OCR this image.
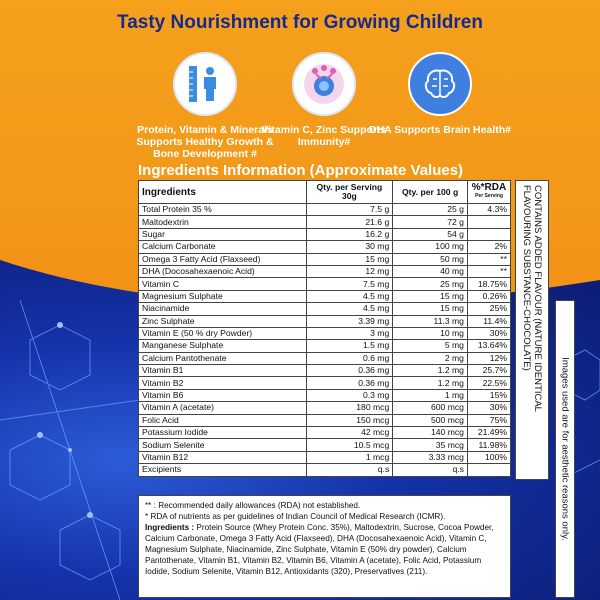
Tasty Nourishment for Growing Children
Protein, Vitamin & Minerals Supports Healthy Growth & Bone Development #
Vitamin C, Zinc Supports Immunity#
DHA Supports Brain Health#
Ingredients Information (Approximate Values)
Ingredients	Qty. per Serving 30g	Qty. per 100 g	%*RDA
Per Serving

Total Protein 35 %	7.5 g	25 g	4.3%
Maltodextrin	21.6 g	72 g	
Sugar	16.2 g	54 g	
Calcium Carbonate	30 mg	100 mg	2%
Omega 3 Fatty Acid (Flaxseed)	15 mg	50 mg	**
DHA (Docosahexaenoic Acid)	12 mg	40 mg	**
Vitamin C	7.5 mg	25 mg	18.75%
Magnesium Sulphate	4.5 mg	15 mg	0.26%
Niacinamide	4.5 mg	15 mg	25%
Zinc Sulphate	3.39 mg	11.3 mg	11.4%
Vitamin E (50 % dry Powder)	3 mg	10 mg	30%
Manganese Sulphate	1.5 mg	5 mg	13.64%
Calcium Pantothenate	0.6 mg	2 mg	12%
Vitamin B1	0.36 mg	1.2 mg	25.7%
Vitamin B2	0.36 mg	1.2 mg	22.5%
Vitamin B6	0.3 mg	1 mg	15%
Vitamin A (acetate)	180 mcg	600 mcg	30%
Folic Acid	150 mcg	500 mcg	75%
Potassium Iodide	42 mcg	140 mcg	21.49%
Sodium Selenite	10.5 mcg	35 mcg	11.98%
Vitamin B12	1 mcg	3.33 mcg	100%
Excipients	q.s	q.s	
** : Recommended daily allowances (RDA) not established.
* RDA of nutrients as per guidelines of Indian Council of Medical Research (ICMR).
Ingredients : Protein Source (Whey Protein Conc. 35%), Maltodextrin, Sucrose, Cocoa Powder, Calcium Carbonate, Omega 3 Fatty Acid (Flaxseed), DHA (Docosahexaenoic Acid), Vitamin C, Magnesium Sulphate, Niacinamide, Zinc Sulphate, Vitamin E (50% dry powder), Calcium Pantothenate, Vitamin B1, Vitamin B2, Vitamin B6, Vitamin A (acetate), Folic Acid, Potassium Iodide, Sodium Selenite, Vitamin B12, Antioxidants (320), Preservatives (211).
CONTAINS ADDED FLAVOUR (NATURE IDENTICAL FLAVOURING SUBSTANCE-CHOCOLATE)
Images used are for aesthetic reasons only.
